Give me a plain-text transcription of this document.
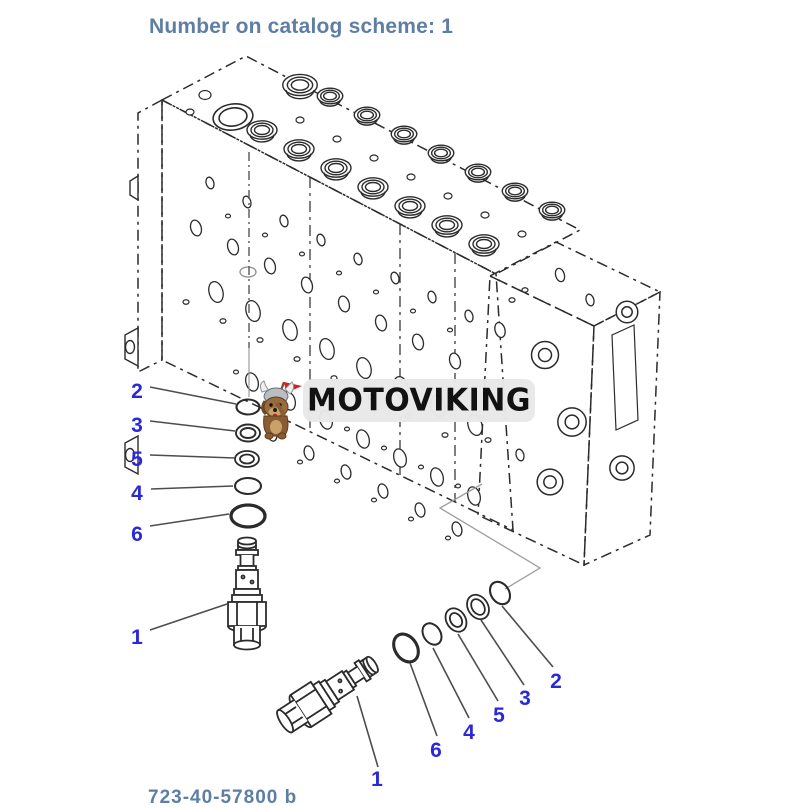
Number on catalog scheme: 1
2
3
5
4
6
1
1
6
4
5
3
2
MOTOVIKING
723-40-57800 b
